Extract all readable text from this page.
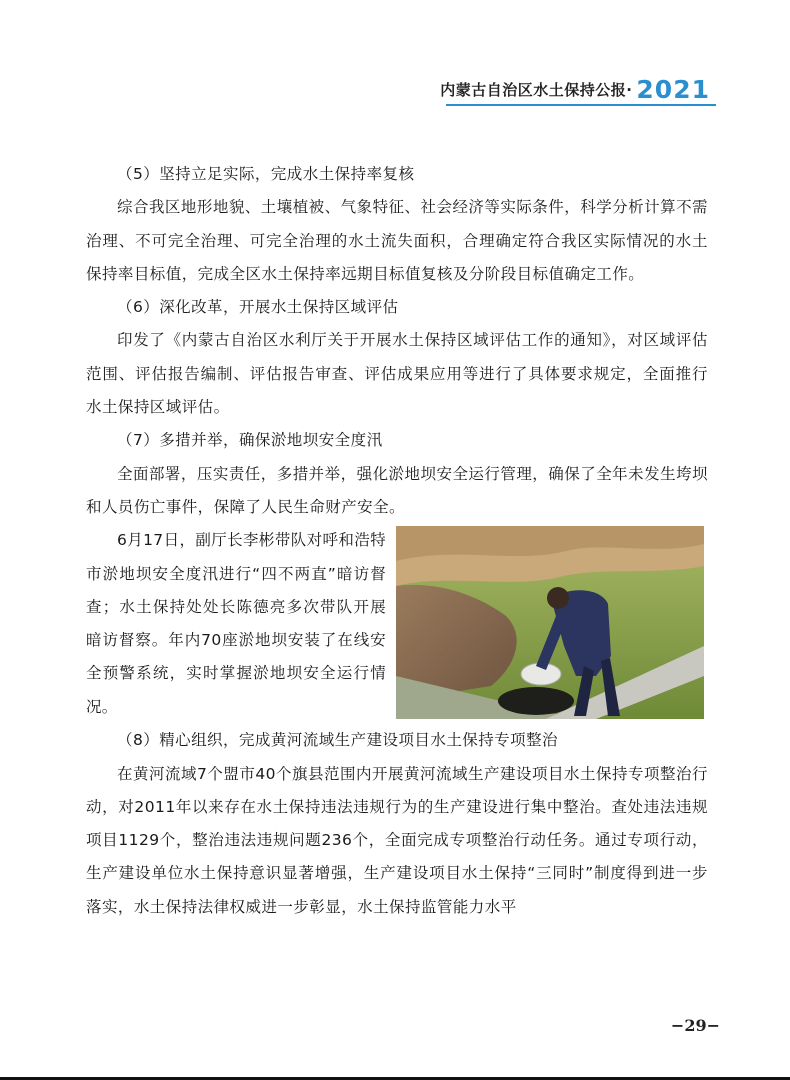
内蒙古自治区水土保持公报· 2021

（5）坚持立足实际，完成水土保持率复核

综合我区地形地貌、土壤植被、气象特征、社会经济等实际条件，科学分析计算不需治理、不可完全治理、可完全治理的水土流失面积，合理确定符合我区实际情况的水土保持率目标值，完成全区水土保持率远期目标值复核及分阶段目标值确定工作。

（6）深化改革，开展水土保持区域评估

印发了《内蒙古自治区水利厅关于开展水土保持区域评估工作的通知》，对区域评估范围、评估报告编制、评估报告审查、评估成果应用等进行了具体要求规定，全面推行水土保持区域评估。

（7）多措并举，确保淤地坝安全度汛

全面部署，压实责任，多措并举，强化淤地坝安全运行管理，确保了全年未发生垮坝和人员伤亡事件，保障了人民生命财产安全。

6月17日，副厅长李彬带队对呼和浩特市淤地坝安全度汛进行“四不两直”暗访督查；水土保持处处长陈德亮多次带队开展暗访督察。年内70座淤地坝安装了在线安全预警系统，实时掌握淤地坝安全运行情况。

（8）精心组织，完成黄河流域生产建设项目水土保持专项整治

在黄河流域7个盟市40个旗县范围内开展黄河流域生产建设项目水土保持专项整治行动，对2011年以来存在水土保持违法违规行为的生产建设进行集中整治。查处违法违规项目1129个，整治违法违规问题236个，全面完成专项整治行动任务。通过专项行动，生产建设单位水土保持意识显著增强，生产建设项目水土保持“三同时”制度得到进一步落实，水土保持法律权威进一步彰显，水土保持监管能力水平

−29−
